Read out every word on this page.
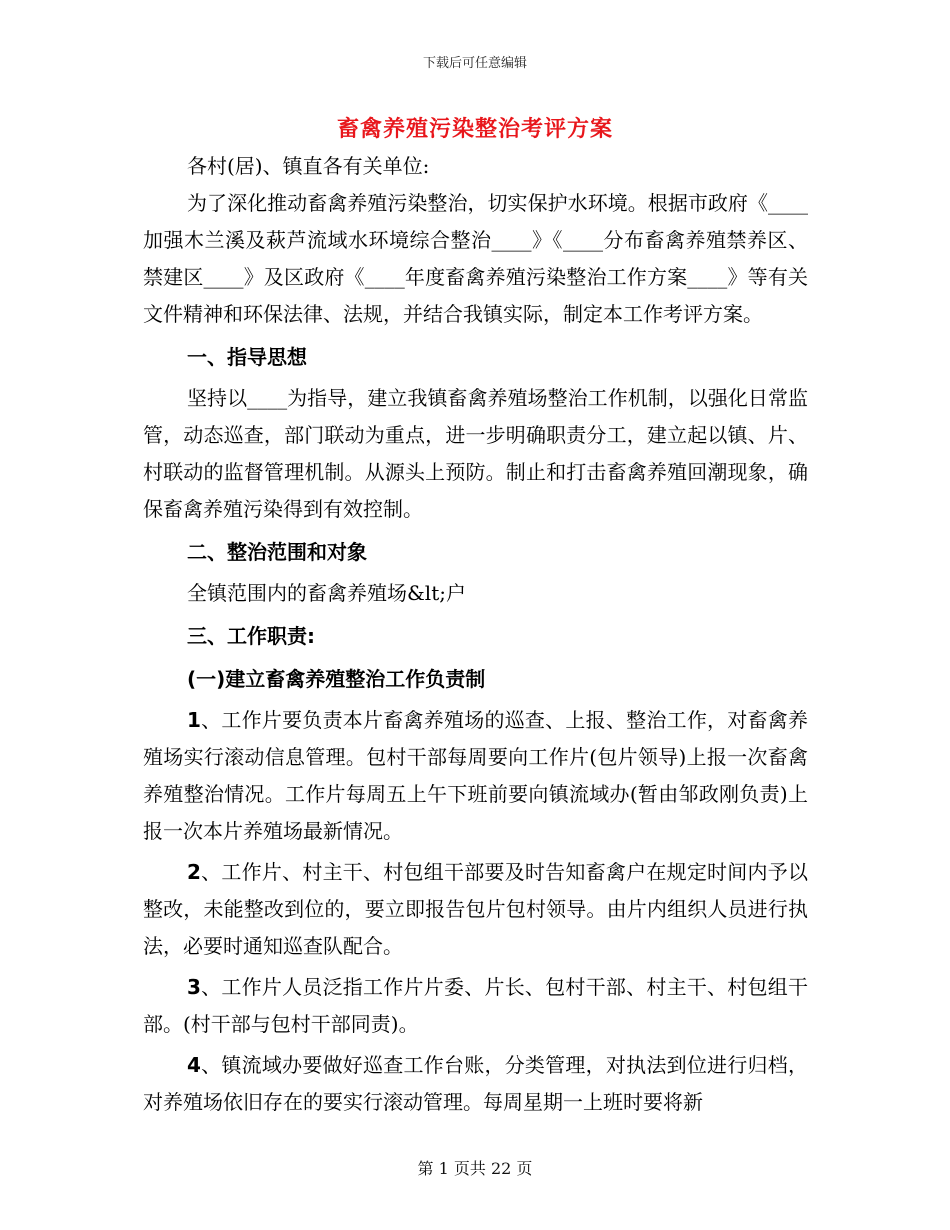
下载后可任意编辑
畜禽养殖污染整治考评方案

各村(居)、镇直各有关单位:

为了深化推动畜禽养殖污染整治，切实保护水环境。根据市政府《____加强木兰溪及萩芦流域水环境综合整治____》《____分布畜禽养殖禁养区、禁建区____》及区政府《____年度畜禽养殖污染整治工作方案____》等有关文件精神和环保法律、法规，并结合我镇实际，制定本工作考评方案。

一、指导思想

坚持以____为指导，建立我镇畜禽养殖场整治工作机制，以强化日常监管，动态巡查，部门联动为重点，进一步明确职责分工，建立起以镇、片、村联动的监督管理机制。从源头上预防。制止和打击畜禽养殖回潮现象，确保畜禽养殖污染得到有效控制。

二、整治范围和对象

全镇范围内的畜禽养殖场&lt;户

三、工作职责:

(一)建立畜禽养殖整治工作负责制

1、工作片要负责本片畜禽养殖场的巡查、上报、整治工作，对畜禽养殖场实行滚动信息管理。包村干部每周要向工作片(包片领导)上报一次畜禽养殖整治情况。工作片每周五上午下班前要向镇流域办(暂由邹政刚负责)上报一次本片养殖场最新情况。

2、工作片、村主干、村包组干部要及时告知畜禽户在规定时间内予以整改，未能整改到位的，要立即报告包片包村领导。由片内组织人员进行执法，必要时通知巡查队配合。

3、工作片人员泛指工作片片委、片长、包村干部、村主干、村包组干部。(村干部与包村干部同责)。

4、镇流域办要做好巡查工作台账，分类管理，对执法到位进行归档，对养殖场依旧存在的要实行滚动管理。每周星期一上班时要将新

第 1 页共 22 页
